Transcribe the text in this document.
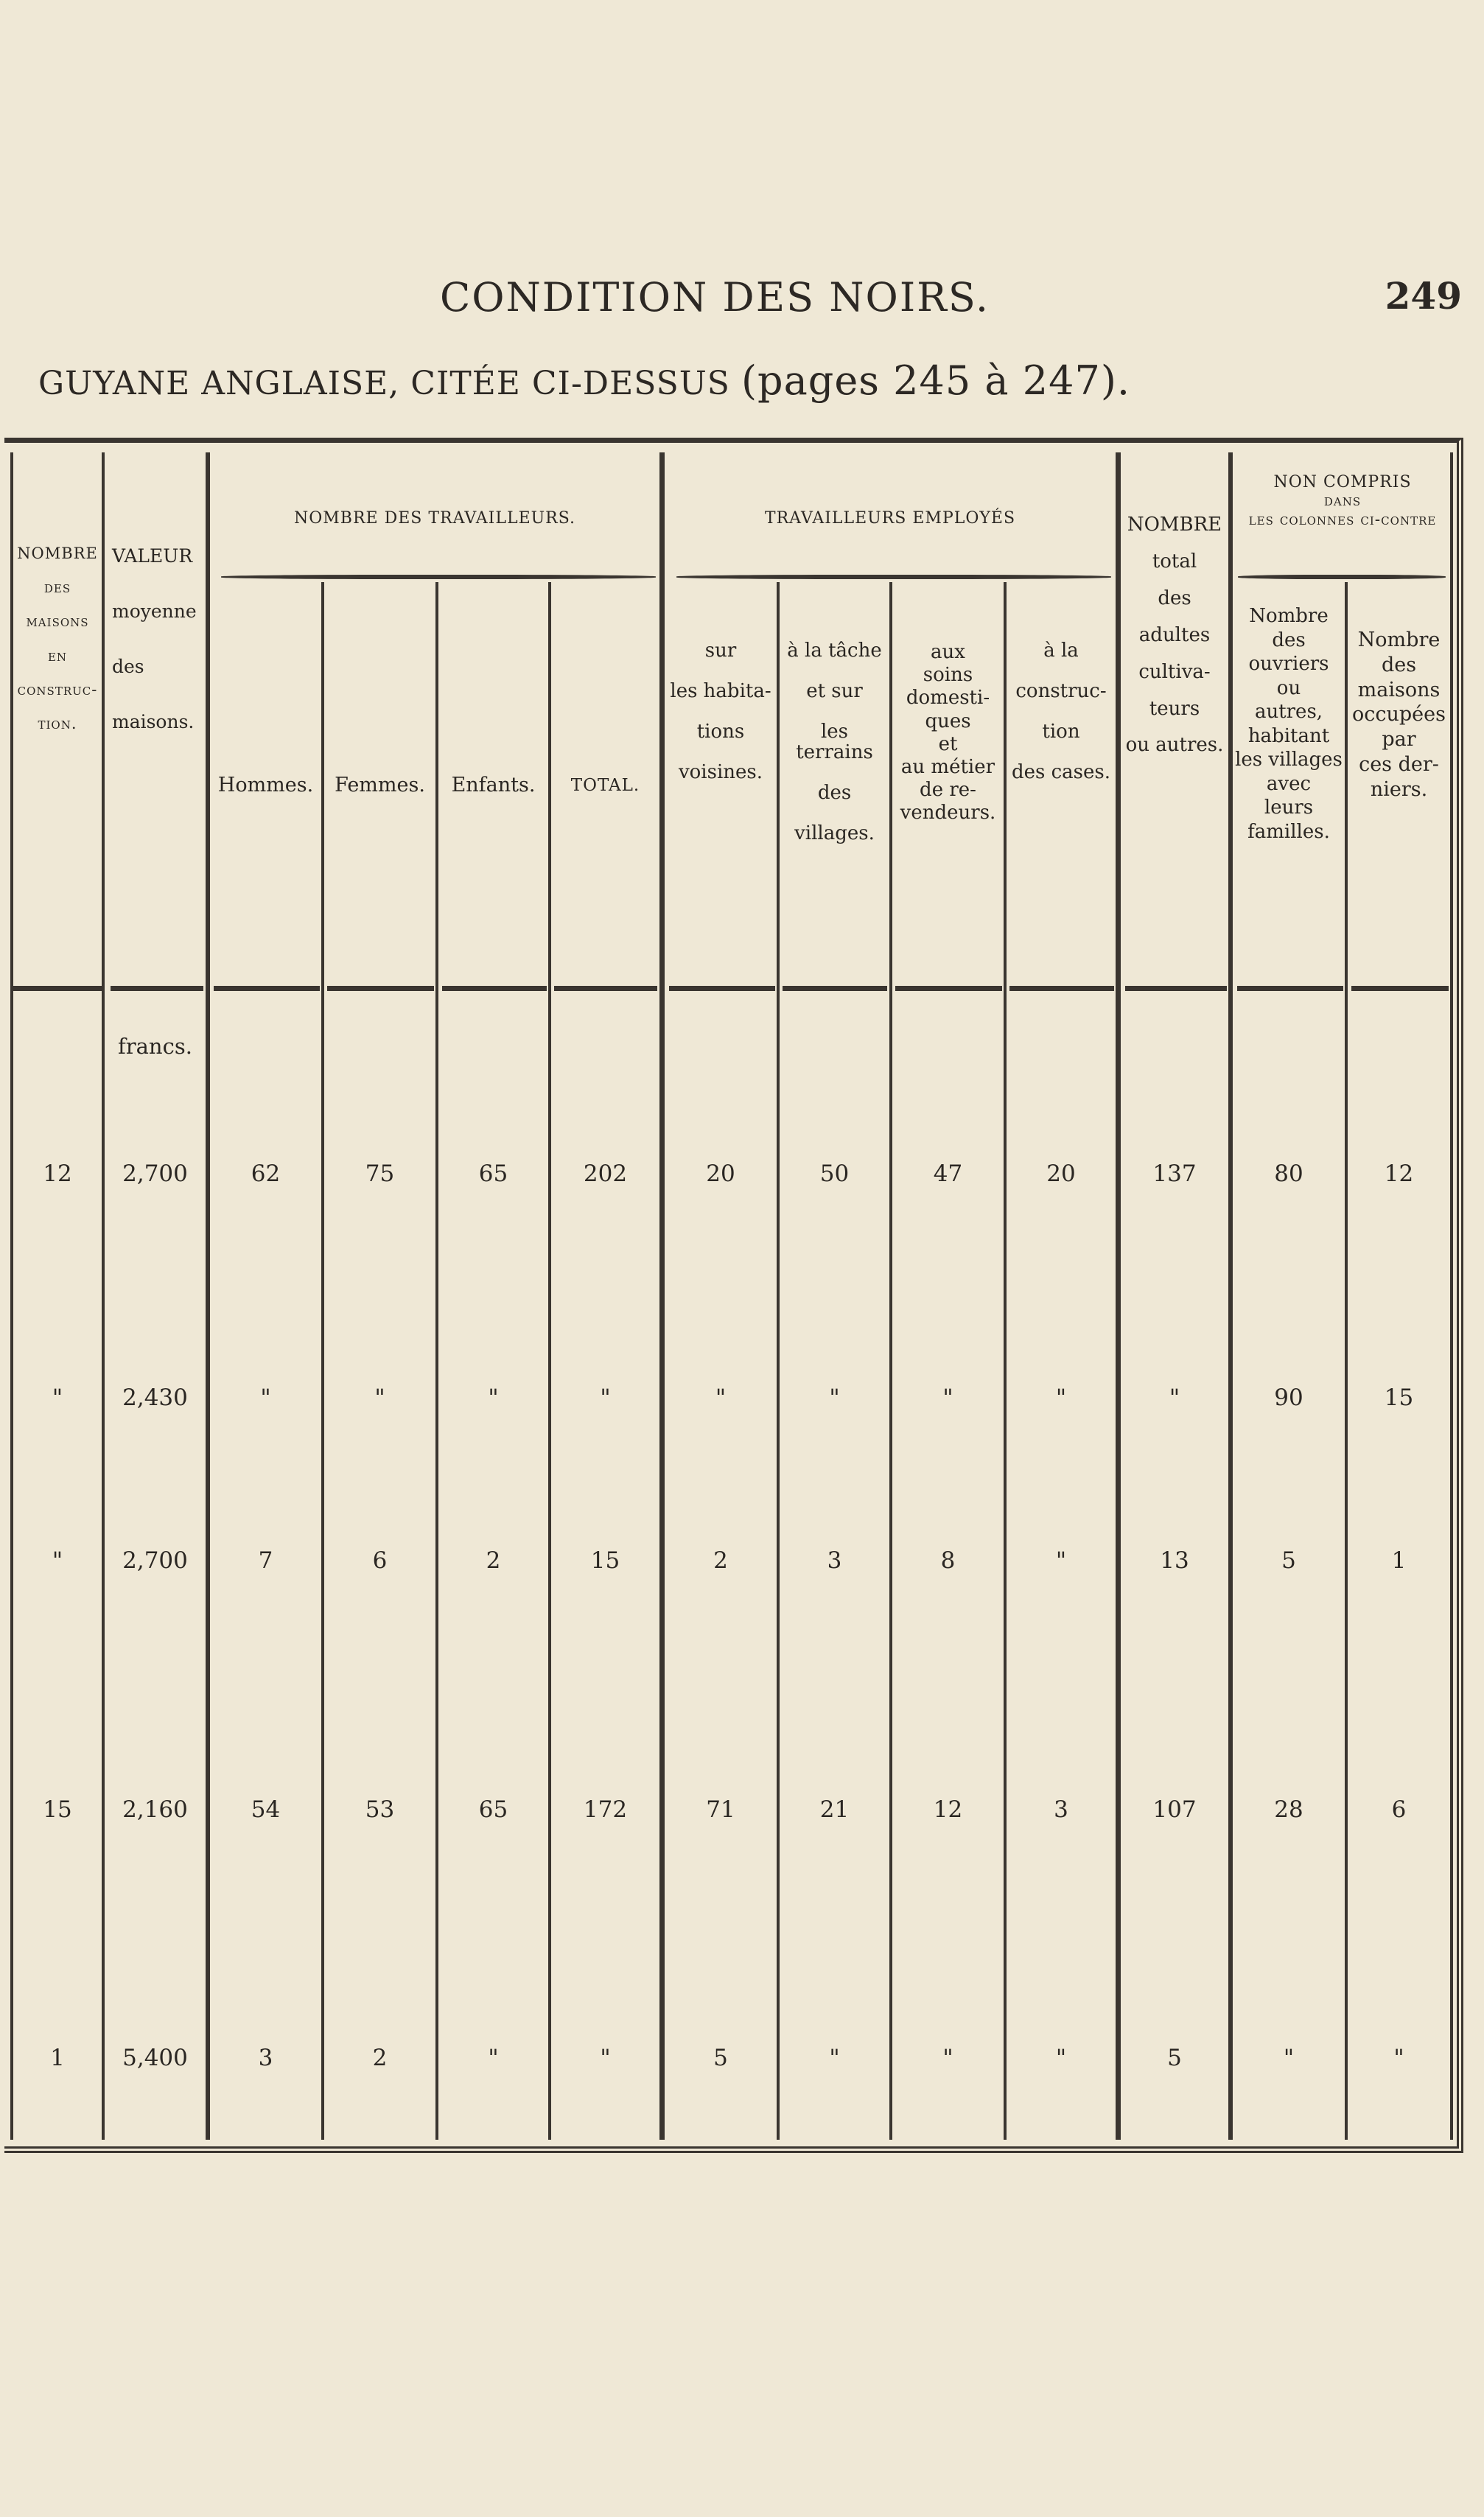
CONDITION DES NOIRS.	249
GUYANE ANGLAISE, CITÉE CI-DESSUS (pages 245 à 247).
NOMBRE DES TRAVAILLEURS.	TRAVAILLEURS EMPLOYÉS
NON COMPRIS
dans
les colonnes ci-contre
NOMBRE

des

maisons

en

construc-

tion.
VALEUR

moyenne

des

maisons.
Hommes.	Femmes.	Enfants.	TOTAL.
sur

les habita-

tions

voisines.
à la tâche

et sur

les terrains

des

villages.
aux
soins
domesti-
ques
et
au métier
de re-
vendeurs.
à la

construc-

tion

des cases.
NOMBRE

total

des

adultes

cultiva-

teurs

ou autres.
Nombre
des
ouvriers
ou
autres,
habitant
les villages
avec
leurs
familles.
Nombre
des
maisons
occupées
par
ces der-
niers.
francs.
12	2,700	62	75	65	202	20	50	47	20	137	80	12
"	2,430	"	"	"	"	"	"	"	"	"	90	15
"	2,700	7	6	2	15	2	3	8	"	13	5	1
15	2,160	54	53	65	172	71	21	12	3	107	28	6
1	5,400	3	2	"	"	5	"	"	"	5	"	"
